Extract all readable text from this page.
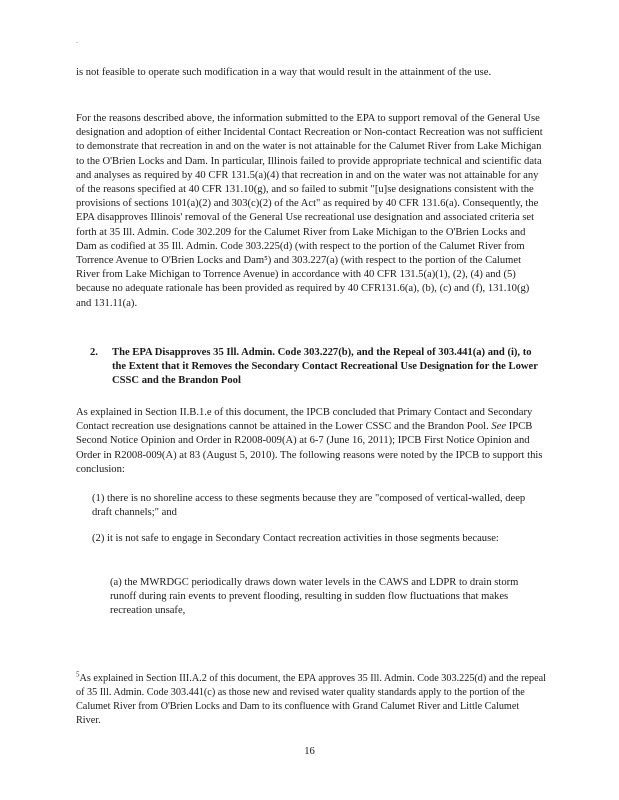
.

is not feasible to operate such modification in a way that would result in the attainment of the use.

For the reasons described above, the information submitted to the EPA to support removal of the General Use designation and adoption of either Incidental Contact Recreation or Non-contact Recreation was not sufficient to demonstrate that recreation in and on the water is not attainable for the Calumet River from Lake Michigan to the O'Brien Locks and Dam. In particular, Illinois failed to provide appropriate technical and scientific data and analyses as required by 40 CFR 131.5(a)(4) that recreation in and on the water was not attainable for any of the reasons specified at 40 CFR 131.10(g), and so failed to submit "[u]se designations consistent with the provisions of sections 101(a)(2) and 303(c)(2) of the Act" as required by 40 CFR 131.6(a). Consequently, the EPA disapproves Illinois' removal of the General Use recreational use designation and associated criteria set forth at 35 Ill. Admin. Code 302.209 for the Calumet River from Lake Michigan to the O'Brien Locks and Dam as codified at 35 Ill. Admin. Code 303.225(d) (with respect to the portion of the Calumet River from Torrence Avenue to O'Brien Locks and Dam⁵) and 303.227(a) (with respect to the portion of the Calumet River from Lake Michigan to Torrence Avenue) in accordance with 40 CFR 131.5(a)(1), (2), (4) and (5) because no adequate rationale has been provided as required by 40 CFR131.6(a), (b), (c) and (f), 131.10(g) and 131.11(a).

2.	The EPA Disapproves 35 Ill. Admin. Code 303.227(b), and the Repeal of 303.441(a) and (i), to the Extent that it Removes the Secondary Contact Recreational Use Designation for the Lower CSSC and the Brandon Pool

As explained in Section II.B.1.e of this document, the IPCB concluded that Primary Contact and Secondary Contact recreation use designations cannot be attained in the Lower CSSC and the Brandon Pool. See IPCB Second Notice Opinion and Order in R2008-009(A) at 6-7 (June 16, 2011); IPCB First Notice Opinion and Order in R2008-009(A) at 83 (August 5, 2010). The following reasons were noted by the IPCB to support this conclusion:

(1) there is no shoreline access to these segments because they are "composed of vertical-walled, deep draft channels;" and

(2) it is not safe to engage in Secondary Contact recreation activities in those segments because:

(a) the MWRDGC periodically draws down water levels in the CAWS and LDPR to drain storm runoff during rain events to prevent flooding, resulting in sudden flow fluctuations that makes recreation unsafe,

$^5$As explained in Section III.A.2 of this document, the EPA approves 35 Ill. Admin. Code 303.225(d) and the repeal of 35 Ill. Admin. Code 303.441(c) as those new and revised water quality standards apply to the portion of the Calumet River from O'Brien Locks and Dam to its confluence with Grand Calumet River and Little Calumet River.

16
